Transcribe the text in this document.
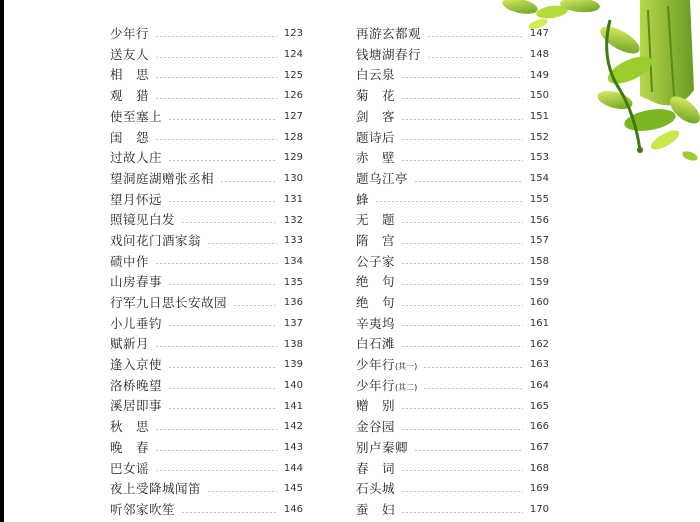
少年行	123
送友人	124
相　思	125
观　猎	126
使至塞上	127
闺　怨	128
过故人庄	129
望洞庭湖赠张丞相	130
望月怀远	131
照镜见白发	132
戏问花门酒家翁	133
碛中作	134
山房春事	135
行军九日思长安故园	136
小儿垂钓	137
赋新月	138
逢入京使	139
洛桥晚望	140
溪居即事	141
秋　思	142
晚　春	143
巴女谣	144
夜上受降城闻笛	145
听邻家吹笙	146
再游玄都观	147
钱塘湖春行	148
白云泉	149
菊　花	150
剑　客	151
题诗后	152
赤　壁	153
题乌江亭	154
蜂	155
无　题	156
隋　宫	157
公子家	158
绝　句	159
绝　句	160
辛夷坞	161
白石滩	162
少年行(其一)	163
少年行(其二)	164
赠　别	165
金谷园	166
别卢秦卿	167
春　词	168
石头城	169
蚕　妇	170
